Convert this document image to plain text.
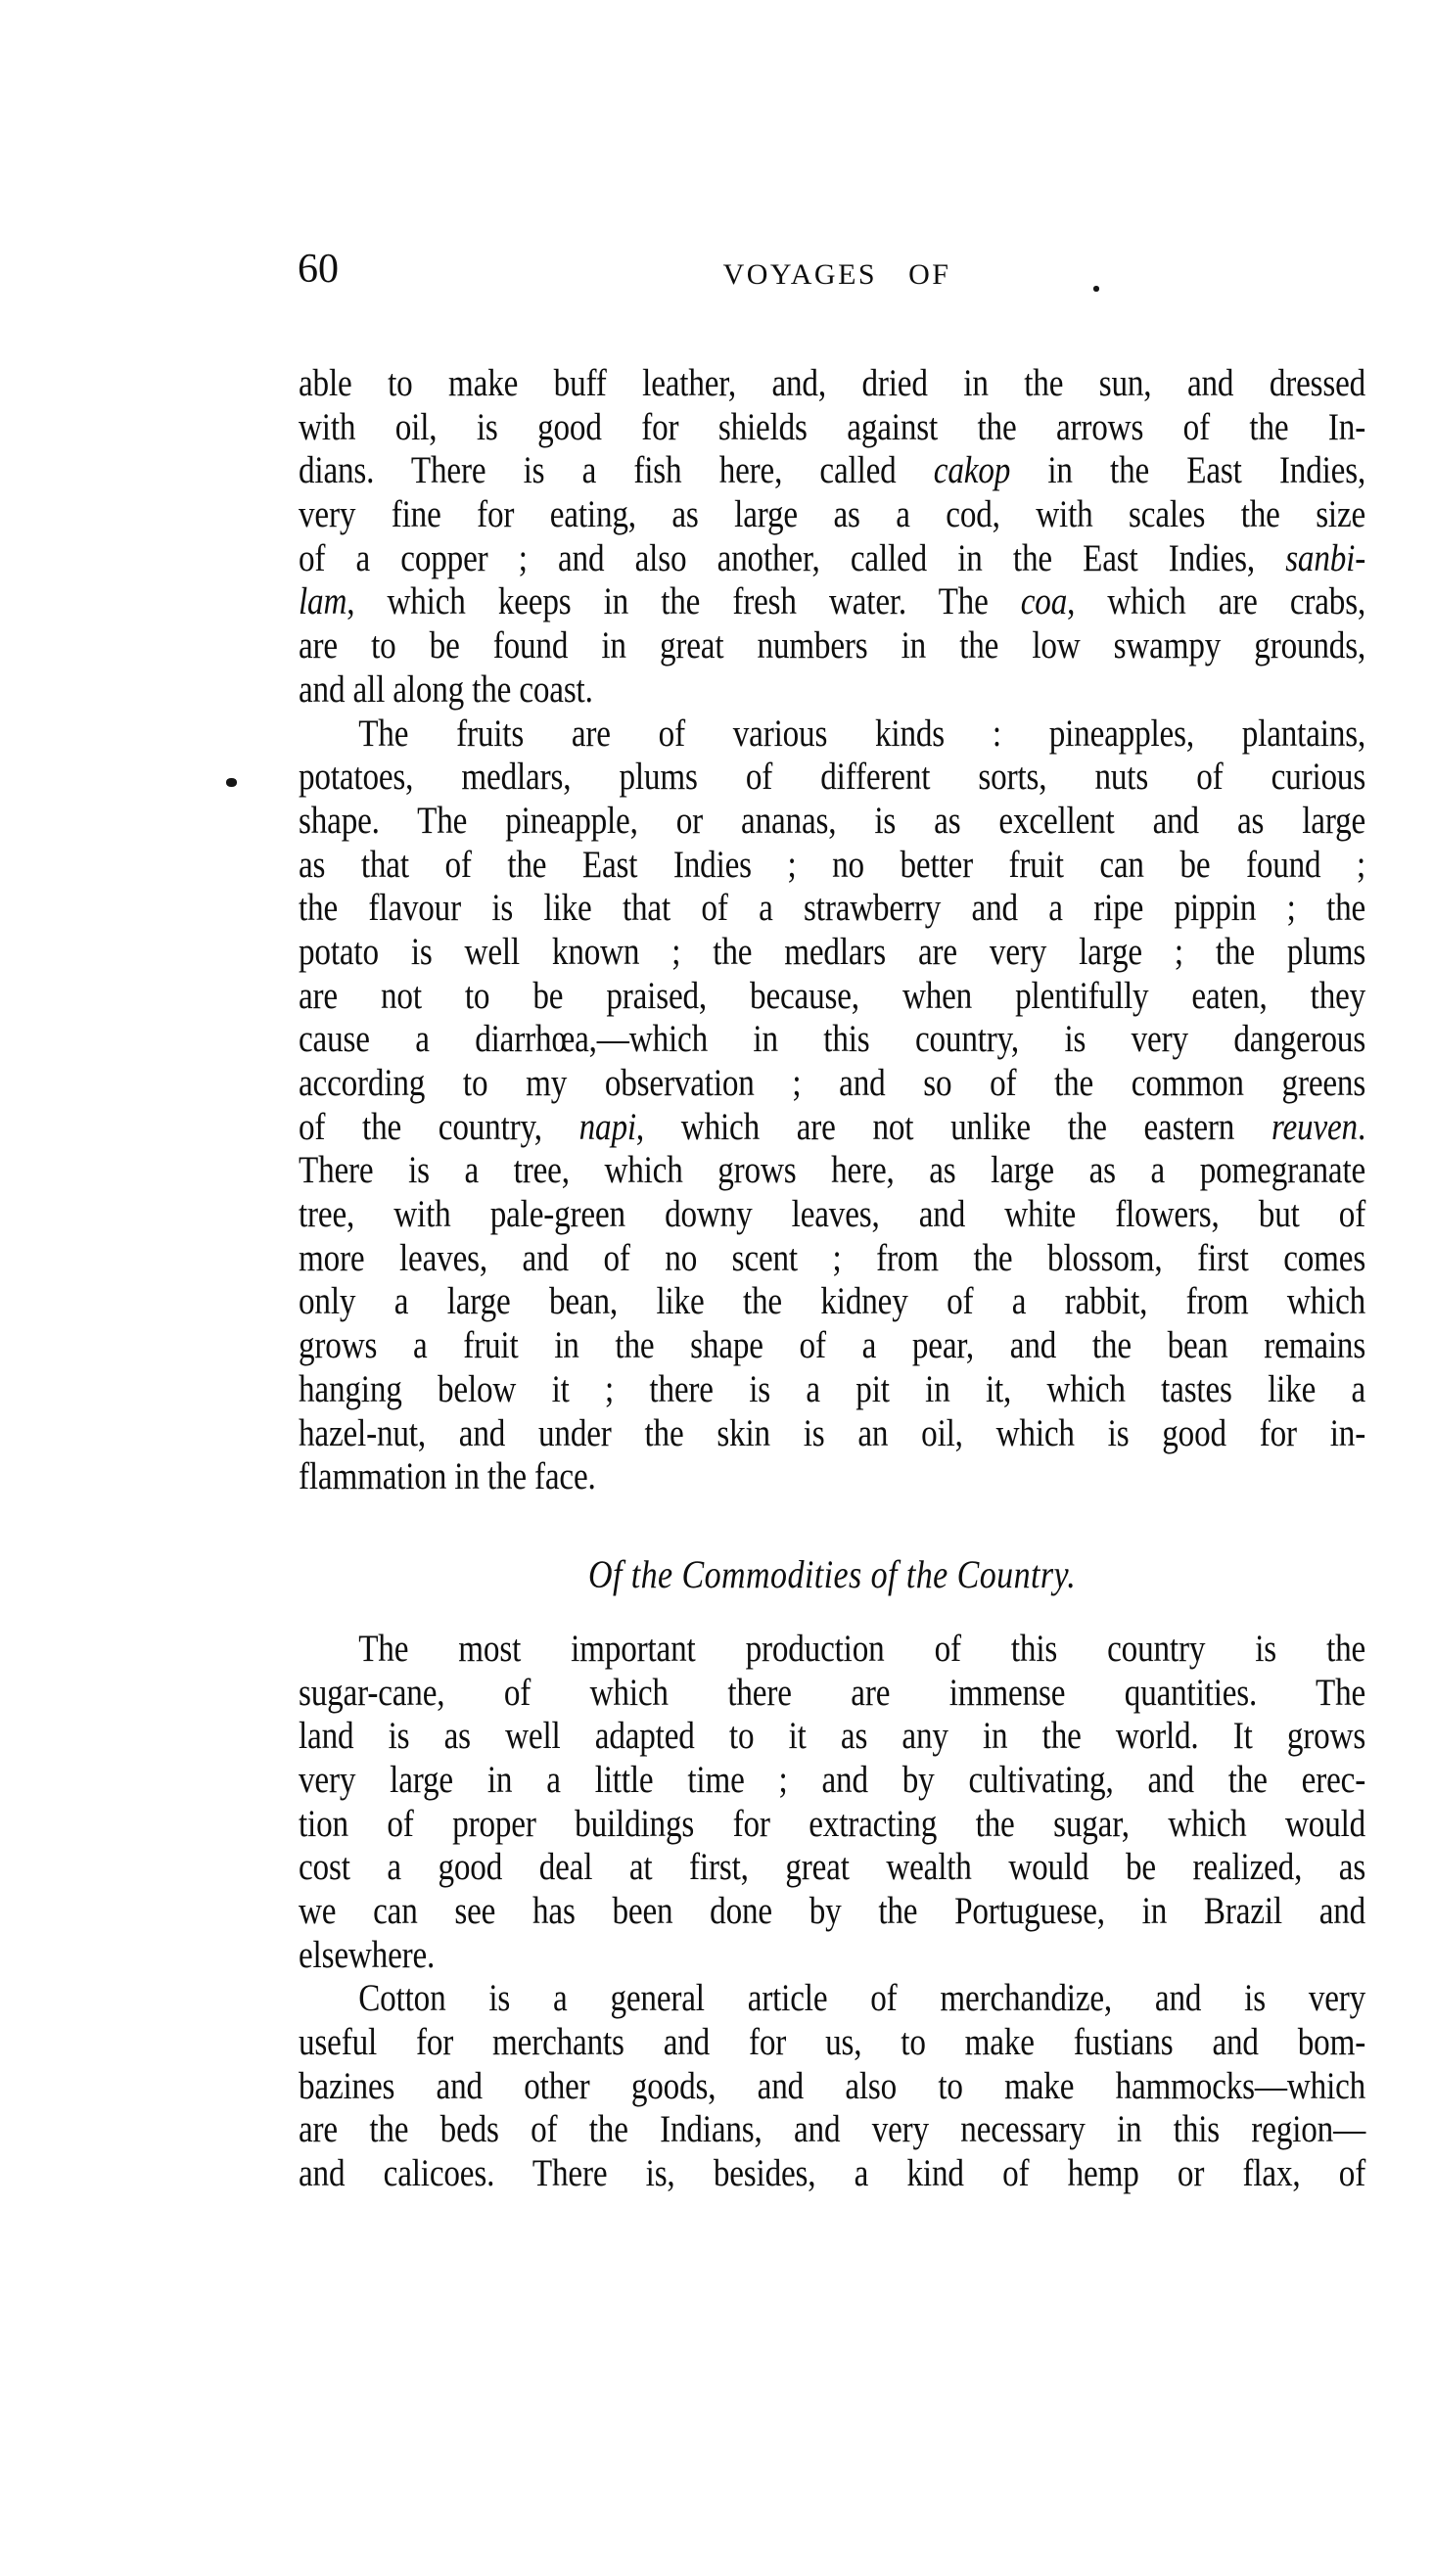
60	VOYAGES OF
able to make buff leather, and, dried in the sun, and dressed
with oil, is good for shields against the arrows of the In-
dians. There is a fish here, called cakop in the East Indies,
very fine for eating, as large as a cod, with scales the size
of a copper ; and also another, called in the East Indies, sanbi-
lam, which keeps in the fresh water. The coa, which are crabs,
are to be found in great numbers in the low swampy grounds,
and all along the coast.
The fruits are of various kinds : pineapples, plantains,
potatoes, medlars, plums of different sorts, nuts of curious
shape. The pineapple, or ananas, is as excellent and as large
as that of the East Indies ; no better fruit can be found ;
the flavour is like that of a strawberry and a ripe pippin ; the
potato is well known ; the medlars are very large ; the plums
are not to be praised, because, when plentifully eaten, they
cause a diarrhœa,—which in this country, is very dangerous
according to my observation ; and so of the common greens
of the country, napi, which are not unlike the eastern reuven.
There is a tree, which grows here, as large as a pomegranate
tree, with pale-green downy leaves, and white flowers, but of
more leaves, and of no scent ; from the blossom, first comes
only a large bean, like the kidney of a rabbit, from which
grows a fruit in the shape of a pear, and the bean remains
hanging below it ; there is a pit in it, which tastes like a
hazel-nut, and under the skin is an oil, which is good for in-
flammation in the face.
Of the Commodities of the Country.
The most important production of this country is the
sugar-cane, of which there are immense quantities. The
land is as well adapted to it as any in the world. It grows
very large in a little time ; and by cultivating, and the erec-
tion of proper buildings for extracting the sugar, which would
cost a good deal at first, great wealth would be realized, as
we can see has been done by the Portuguese, in Brazil and
elsewhere.
Cotton is a general article of merchandize, and is very
useful for merchants and for us, to make fustians and bom-
bazines and other goods, and also to make hammocks—which
are the beds of the Indians, and very necessary in this region—
and calicoes. There is, besides, a kind of hemp or flax, of
